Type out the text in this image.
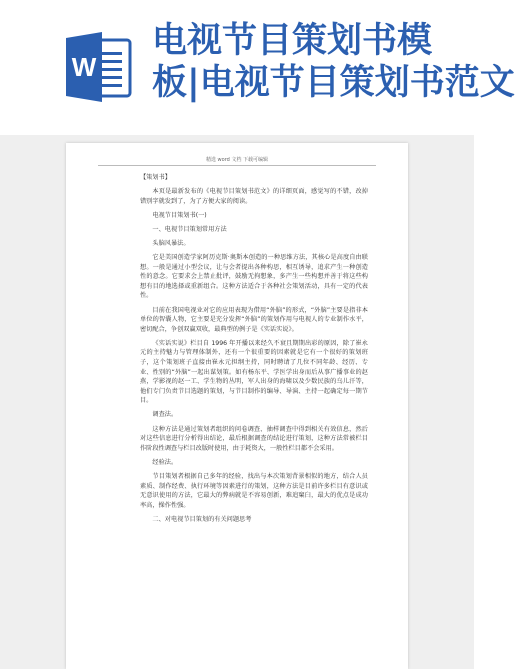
W
电视节目策划书模
板|电视节目策划书范文
精选 word 文档 下载可编辑

【策划书】

本页是最新发布的《电视节目策划书范文》的详细页面，感觉写的不错，改掉错别字就发到了，为了方便大家的阅读。

电视节目策划书(一)

一、电视节目策划常用方法

头脑风暴法。

它是美国创造学家阿历克斯·奥斯本创造的一种思维方法，其核心是高度自由联想。一般是通过小型会议，让与会者提出各种构思，相互诱导，追求产生一种创造性的意念。它要求会上禁止批评，鼓励无拘想象，多产生一些构想并善于将这些构想有目的地选择或重新组合。这种方法适合于各种社会策划活动，具有一定的代表性。

目前在我国电视业对它的应用表现为借用“外脑”的形式，“外脑”主要是指非本单位的智囊人物，它主要是充分发挥“外脑”的策划作用与电视人的专业制作水平，密切配合，争创双赢双收，最典型的例子是《实话实说》。

《实话实说》栏目自 1996 年开播以来经久不衰且期期出彩的原因，除了崔永元的主持魅力与管理体制外，还有一个很重要的因素就是它有一个很好的策划班子，这个策划班子直接由崔永元担纲主持，同时聘请了几位不同年龄、经历、专业、性别的“外脑”一起出谋划策。如有杨东平、学医学出身而后从事广播事业的赵燕，学影视的赵一工、学生物的丛明，军人出身的海啸以及少数民族的乌儿汗等，他们专门负责节目选题的策划，与节目制作的编导、导演、主持一起确定每一期节目。

调查法。

这种方法是通过策划者组织的问卷调查、抽样调查中得到相关有效信息，然后对这些信息进行分析得出结论，最后根据调查的结论进行策划，这种方法常被栏目作阶段性调查与栏目改版时使用，由于耗资大，一般性栏目都不会采用。

经验法。

节目策划者根据自己多年的经验，找出与本次策划背景相似的地方，结合人员素质、制作经费、执行环境等因素进行的策划，这种方法是目前许多栏目有意识或无意识使用的方法，它最大的弊病就是不容易创新，难追窠臼，最大的优点是成功率高，操作性强。

二、对电视节目策划的有关问题思考
